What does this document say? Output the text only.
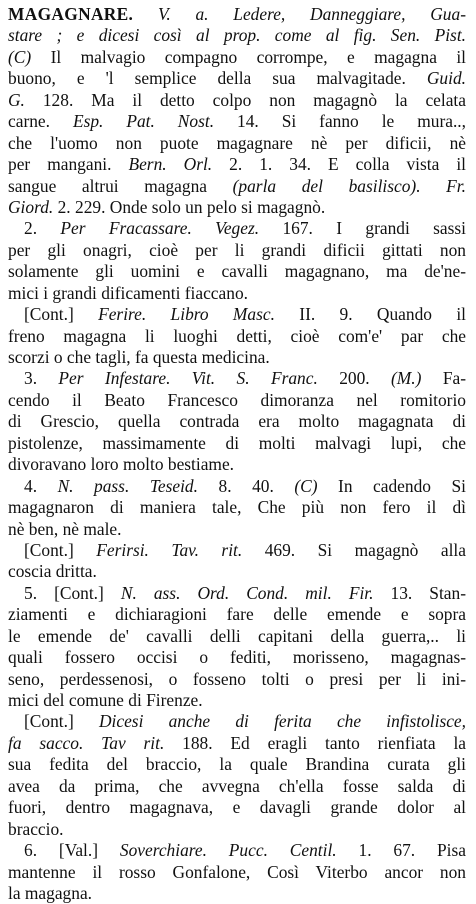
MAGAGNARE. V. a. Ledere, Danneggiare, Gua-
stare ; e dicesi così al prop. come al fig. Sen. Pist.
(C) Il malvagio compagno corrompe, e magagna il
buono, e 'l semplice della sua malvagitade. Guid.
G. 128. Ma il detto colpo non magagnò la celata
carne. Esp. Pat. Nost. 14. Si fanno le mura..,
che l'uomo non puote magagnare nè per dificii, nè
per mangani. Bern. Orl. 2. 1. 34. E colla vista il
sangue altrui magagna (parla del basilisco). Fr.
Giord. 2. 229. Onde solo un pelo si magagnò.
2. Per Fracassare. Vegez. 167. I grandi sassi
per gli onagri, cioè per li grandi dificii gittati non
solamente gli uomini e cavalli magagnano, ma de'ne-
mici i grandi dificamenti fiaccano.
[Cont.] Ferire. Libro Masc. II. 9. Quando il
freno magagna li luoghi detti, cioè com'e' par che
scorzi o che tagli, fa questa medicina.
3. Per Infestare. Vit. S. Franc. 200. (M.) Fa-
cendo il Beato Francesco dimoranza nel romitorio
di Grescio, quella contrada era molto magagnata di
pistolenze, massimamente di molti malvagi lupi, che
divoravano loro molto bestiame.
4. N. pass. Teseid. 8. 40. (C) In cadendo Si
magagnaron di maniera tale, Che più non fero il dì
nè ben, nè male.
[Cont.] Ferirsi. Tav. rit. 469. Si magagnò alla
coscia dritta.
5. [Cont.] N. ass. Ord. Cond. mil. Fir. 13. Stan-
ziamenti e dichiaragioni fare delle emende e sopra
le emende de' cavalli delli capitani della guerra,.. li
quali fossero occisi o fediti, morisseno, magagnas-
seno, perdessenosi, o fosseno tolti o presi per li ini-
mici del comune di Firenze.
[Cont.] Dicesi anche di ferita che infistolisce,
fa sacco. Tav rit. 188. Ed eragli tanto rienfiata la
sua fedita del braccio, la quale Brandina curata gli
avea da prima, che avvegna ch'ella fosse salda di
fuori, dentro magagnava, e davagli grande dolor al
braccio.
6. [Val.] Soverchiare. Pucc. Centil. 1. 67. Pisa
mantenne il rosso Gonfalone, Così Viterbo ancor non
la magagna.
